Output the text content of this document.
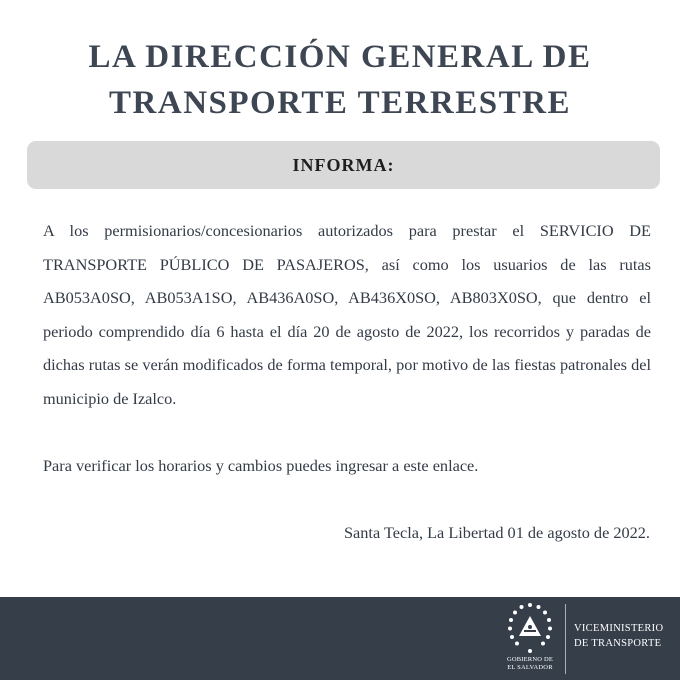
LA DIRECCIÓN GENERAL DE
TRANSPORTE TERRESTRE
INFORMA:

A los permisionarios/concesionarios autorizados para prestar el SERVICIO DE TRANSPORTE PÚBLICO DE PASAJEROS, así como los usuarios de las rutas AB053A0SO, AB053A1SO, AB436A0SO, AB436X0SO, AB803X0SO, que dentro el periodo comprendido día 6 hasta el día 20 de agosto de 2022, los recorridos y paradas de dichas rutas se verán modificados de forma temporal, por motivo de las fiestas patronales del municipio de Izalco.

Para verificar los horarios y cambios puedes ingresar a este enlace.
Santa Tecla, La Libertad 01 de agosto de 2022.
GOBIERNO DE
EL SALVADOR
VICEMINISTERIO
DE TRANSPORTE
